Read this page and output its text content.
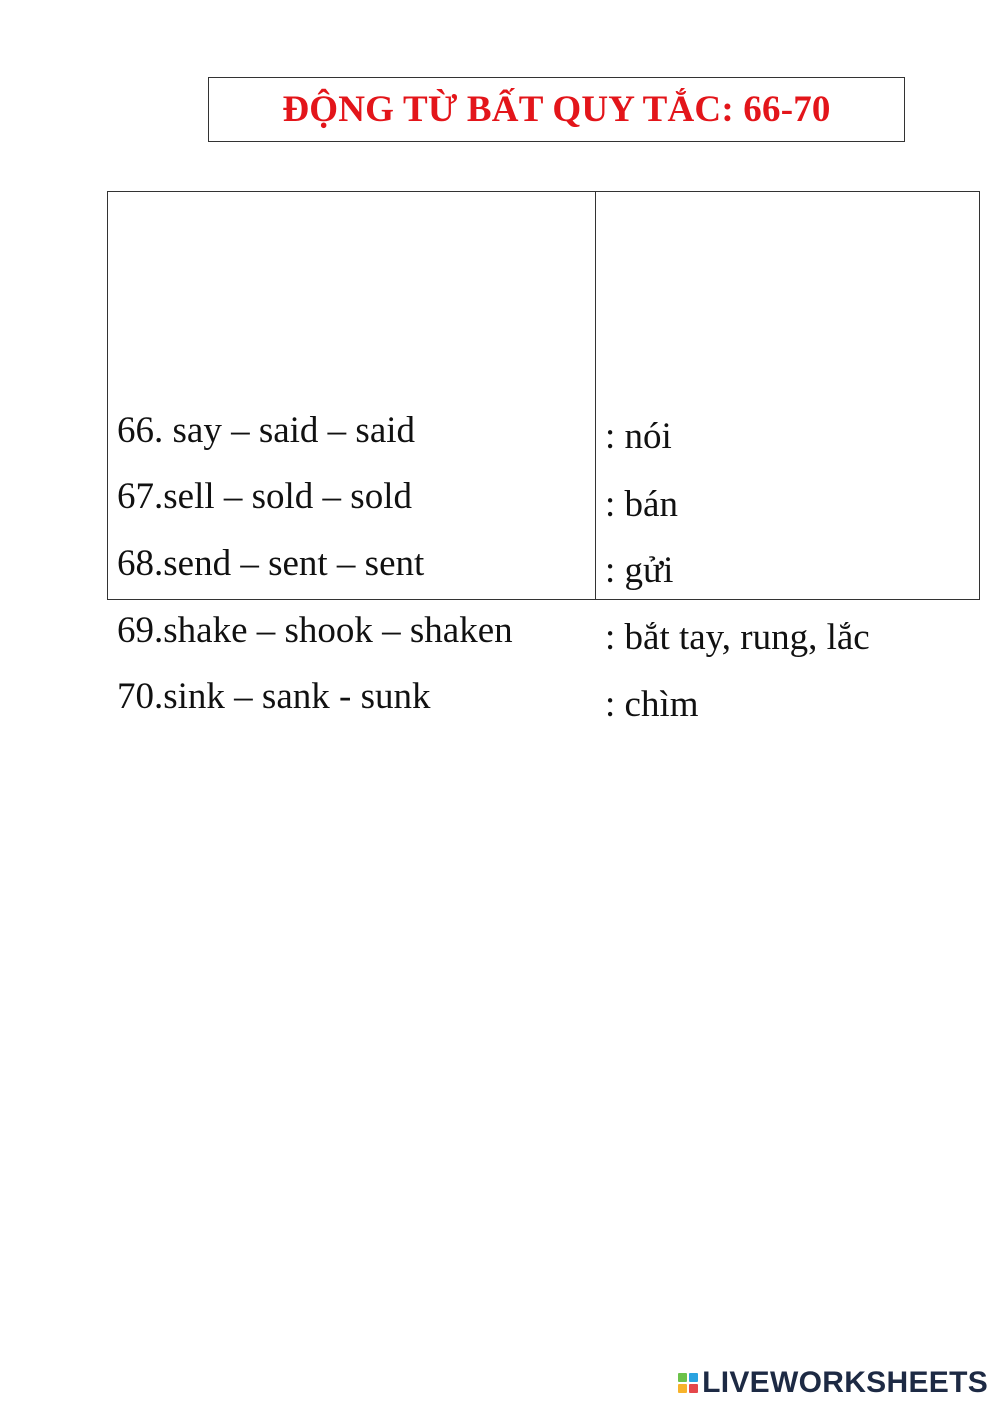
ĐỘNG TỪ BẤT QUY TẮC: 66-70
66. say – said – said
67.sell – sold – sold
68.send – sent – sent
69.shake – shook – shaken
70.sink – sank - sunk
: nói
: bán
: gửi
: bắt tay, rung, lắc
: chìm
LIVEWORKSHEETS
